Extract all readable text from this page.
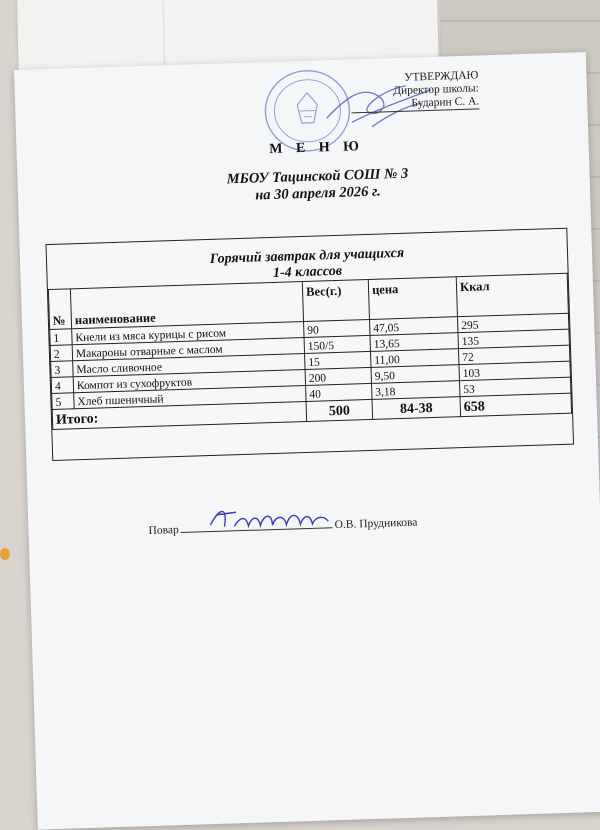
УТВЕРЖДАЮ
Директор школы:
Бударин С. А.
М Е Н Ю
МБОУ Тацинской СОШ № 3
на 30 апреля 2026 г.
Горячий завтрак для учащихся
1-4 классов
№	наименование	Вес(г.)	цена	Ккал
1	Кнели из мяса курицы с рисом	90	47,05	295
2	Макароны отварные с маслом	150/5	13,65	135
3	Масло сливочное	15	11,00	72
4	Компот из сухофруктов	200	9,50	103
5	Хлеб пшеничный	40	3,18	53
Итого:		500	84-38	658
Повар	О.В. Прудникова
